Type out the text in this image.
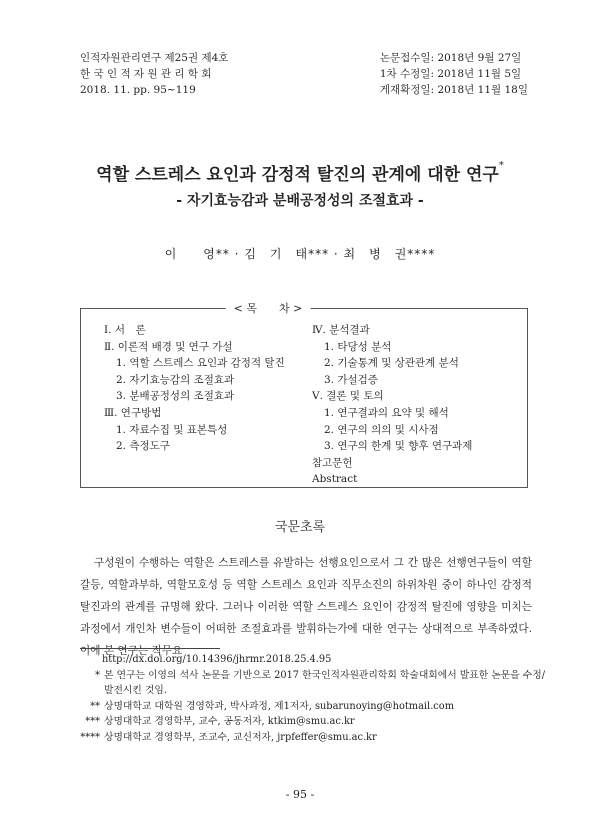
인적자원관리연구 제25권 제4호
한 국 인 적 자 원 관 리 학 회
2018. 11. pp. 95∼119
논문접수일: 2018년 9월 27일
1차 수정일: 2018년 11월 5일
게재확정일: 2018년 11월 18일
역할 스트레스 요인과 감정적 탈진의 관계에 대한 연구*
- 자기효능감과 분배공정성의 조절효과 -
이　　영** · 김　기　태*** · 최　병　권****
< 목　　차 >
Ⅰ. 서　론
Ⅱ. 이론적 배경 및 연구 가설
1. 역할 스트레스 요인과 감정적 탈진
2. 자기효능감의 조절효과
3. 분배공정성의 조절효과
Ⅲ. 연구방법
1. 자료수집 및 표본특성
2. 측정도구
Ⅳ. 분석결과
1. 타당성 분석
2. 기술통계 및 상관관계 분석
3. 가설검증
Ⅴ. 결론 및 토의
1. 연구결과의 요약 및 해석
2. 연구의 의의 및 시사점
3. 연구의 한계 및 향후 연구과제
참고문헌
Abstract
국문초록
구성원이 수행하는 역할은 스트레스를 유발하는 선행요인으로서 그 간 많은 선행연구들이 역할갈등, 역할과부하, 역할모호성 등 역할 스트레스 요인과 직무소진의 하위차원 중이 하나인 감정적 탈진과의 관계를 규명해 왔다. 그러나 이러한 역할 스트레스 요인이 감정적 탈진에 영향을 미치는 과정에서 개인차 변수들이 어떠한 조절효과를 발휘하는가에 대한 연구는 상대적으로 부족하였다. 이에 본 연구는 직무요
http://dx.doi.org/10.14396/jhrmr.2018.25.4.95
* 본 연구는 이영의 석사 논문을 기반으로 2017 한국인적자원관리학회 학술대회에서 발표한 논문을 수정/
발전시킨 것임.
** 상명대학교 대학원 경영학과, 박사과정, 제1저자, subarunoying@hotmail.com
*** 상명대학교 경영학부, 교수, 공동저자, ktkim@smu.ac.kr
**** 상명대학교 경영학부, 조교수, 교신저자, jrpfeffer@smu.ac.kr
- 95 -
